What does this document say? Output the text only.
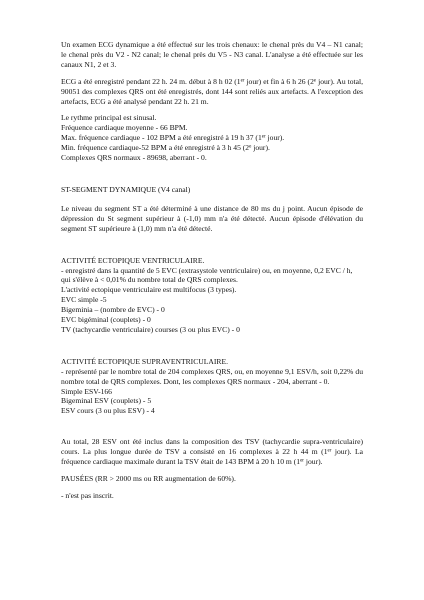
Un examen ECG dynamique a été effectué sur les trois chenaux: le chenal près du V4 – N1 canal; le chenal près du V2 - N2 canal; le chenal près du V5 - N3 canal. L'analyse a été effectuée sur les canaux N1, 2 et 3.

ECG a été enregistré pendant 22 h. 24 m. début à 8 h 02 (1er jour) et fin à 6 h 26 (2e jour). Au total, 90051 des complexes QRS ont été enregistrés, dont 144 sont reliés aux artefacts. A l'exception des artefacts, ECG a été analysé pendant 22 h. 21 m.

Le rythme principal est sinusal.

Fréquence cardiaque moyenne - 66 BPM.

Max. fréquence cardiaque - 102 BPM a été enregistré à 19 h 37 (1er jour).

Min. fréquence cardiaque-52 BPM a été enregistré à 3 h 45 (2e jour).

Complexes QRS normaux - 89698, aberrant - 0.

ST-SEGMENT DYNAMIQUE (V4 canal)

Le niveau du segment ST a été déterminé à une distance de 80 ms du j point. Aucun épisode de dépression du St segment supérieur à (-1,0) mm n'a été détecté. Aucun épisode d'élévation du segment ST supérieure à (1,0) mm n'a été détecté.

ACTIVITÉ ECTOPIQUE VENTRICULAIRE.

- enregistré dans la quantité de 5 EVC (extrasystole ventriculaire) ou, en moyenne, 0,2 EVC / h, qui s'élève à < 0,01% du nombre total de QRS complexes.

L'activité ectopique ventriculaire est multifocus (3 types).

EVC simple -5

Bigeminia – (nombre de EVC) - 0

EVC bigéminal (couplets) - 0

TV (tachycardie ventriculaire) courses (3 ou plus EVC) - 0

ACTIVITÉ ECTOPIQUE SUPRAVENTRICULAIRE.

- représenté par le nombre total de 204 complexes QRS, ou, en moyenne 9,1 ESV/h, soit 0,22% du nombre total de QRS complexes. Dont, les complexes QRS normaux - 204, aberrant - 0.

Simple ESV-166

Bigeminal ESV (couplets) - 5

ESV cours (3 ou plus ESV) - 4

Au total, 28 ESV ont été inclus dans la composition des TSV (tachycardie supra-ventriculaire) cours. La plus longue durée de TSV a consisté en 16 complexes à 22 h 44 m (1er jour). La fréquence cardiaque maximale durant la TSV était de 143 BPM à 20 h 10 m (1er jour).

PAUSÉES (RR > 2000 ms ou RR augmentation de 60%).

- n'est pas inscrit.
